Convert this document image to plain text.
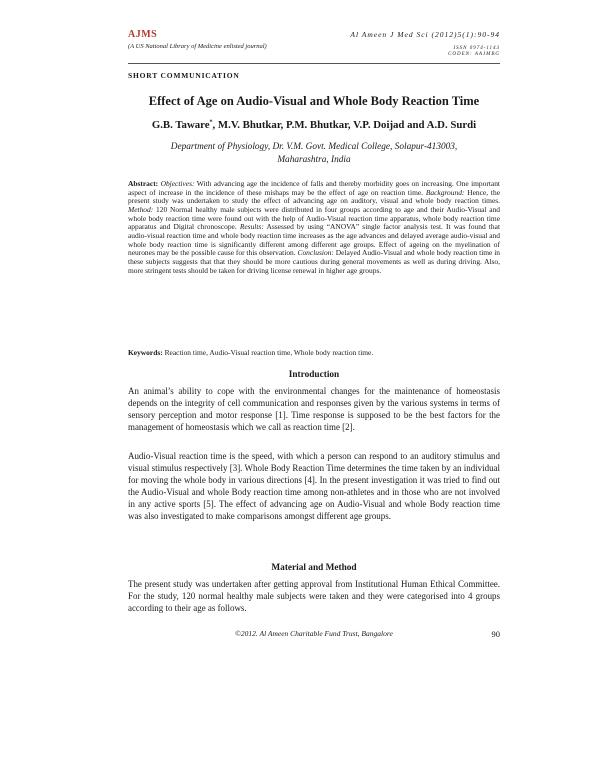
AJMS
(A US National Library of Medicine enlisted journal)
Al Ameen J Med Sci (2012)5(1):90-94
ISSN 0974-1143
CODEN: AAJMBG
SHORT COMMUNICATION
Effect of Age on Audio-Visual and Whole Body Reaction Time
G.B. Taware*, M.V. Bhutkar, P.M. Bhutkar, V.P. Doijad and A.D. Surdi
Department of Physiology, Dr. V.M. Govt. Medical College, Solapur-413003,
Maharashtra, India
Abstract: Objectives: With advancing age the incidence of falls and thereby morbidity goes on increasing. One important aspect of increase in the incidence of these mishaps may be the effect of age on reaction time. Background: Hence, the present study was undertaken to study the effect of advancing age on auditory, visual and whole body reaction times. Method: 120 Normal healthy male subjects were distributed in four groups according to age and their Audio-Visual and whole body reaction time were found out with the help of Audio-Visual reaction time apparatus, whole body reaction time apparatus and Digital chronoscope. Results: Assessed by using “ANOVA” single factor analysis test. It was found that audio-visual reaction time and whole body reaction time increases as the age advances and delayed average audio-visual and whole body reaction time is significantly different among different age groups. Effect of ageing on the myelination of neurones may be the possible cause for this observation. Conclusion: Delayed Audio-Visual and whole body reaction time in these subjects suggests that that they should be more cautious during general movements as well as during driving. Also, more stringent tests should be taken for driving license renewal in higher age groups.
Keywords: Reaction time, Audio-Visual reaction time, Whole body reaction time.
Introduction
An animal’s ability to cope with the environmental changes for the maintenance of homeostasis depends on the integrity of cell communication and responses given by the various systems in terms of sensory perception and motor response [1]. Time response is supposed to be the best factors for the management of homeostasis which we call as reaction time [2].
Audio-Visual reaction time is the speed, with which a person can respond to an auditory stimulus and visual stimulus respectively [3]. Whole Body Reaction Time determines the time taken by an individual for moving the whole body in various directions [4]. In the present investigation it was tried to find out the Audio-Visual and whole Body reaction time among non-athletes and in those who are not involved in any active sports [5]. The effect of advancing age on Audio-Visual and whole Body reaction time was also investigated to make comparisons amongst different age groups.
Material and Method
The present study was undertaken after getting approval from Institutional Human Ethical Committee. For the study, 120 normal healthy male subjects were taken and they were categorised into 4 groups according to their age as follows.
©2012. Al Ameen Charitable Fund Trust, Bangalore	90
